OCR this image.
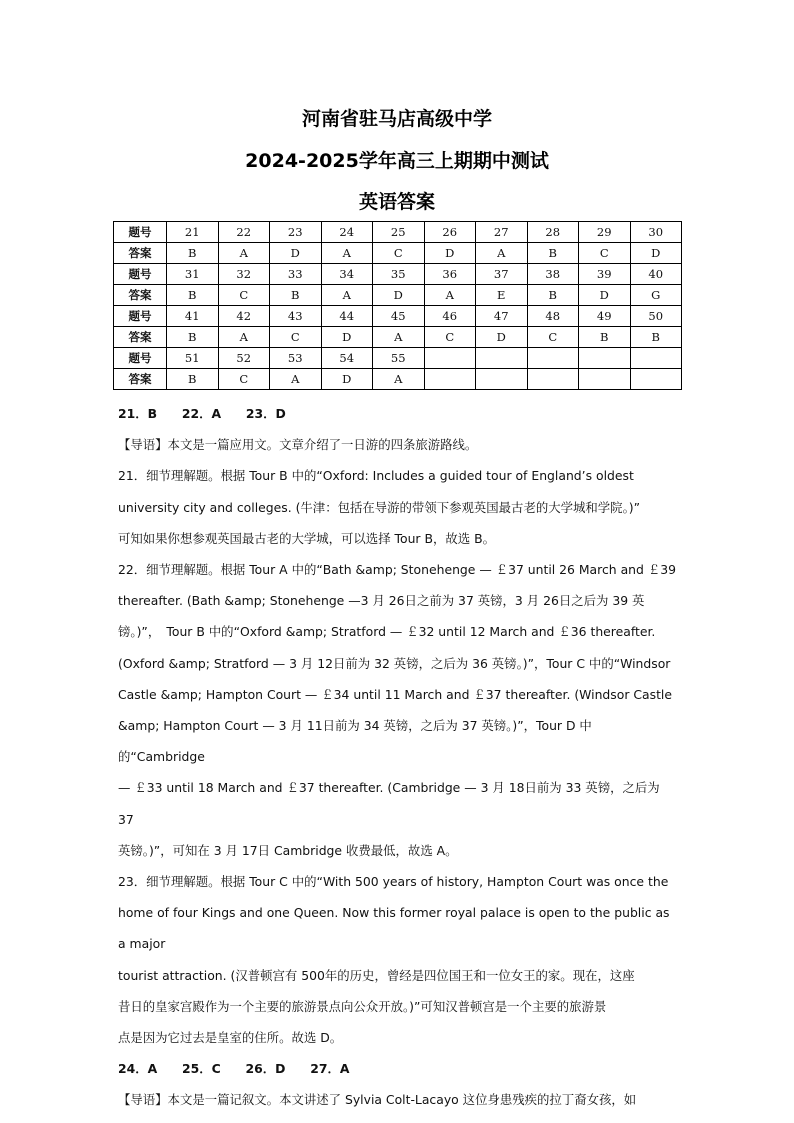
河南省驻马店高级中学
2024-2025学年高三上期期中测试
英语答案
题号	21	22	23	24	25	26	27	28	29	30
答案	B	A	D	A	C	D	A	B	C	D
题号	31	32	33	34	35	36	37	38	39	40
答案	B	C	B	A	D	A	E	B	D	G
题号	41	42	43	44	45	46	47	48	49	50
答案	B	A	C	D	A	C	D	C	B	B
题号	51	52	53	54	55					
答案	B	C	A	D	A					

21．B　　22．A　　23．D

【导语】本文是一篇应用文。文章介绍了一日游的四条旅游路线。

21．细节理解题。根据 Tour B 中的“Oxford: Includes a guided tour of England’s oldest

university city and colleges. (牛津：包括在导游的带领下参观英国最古老的大学城和学院。)”

可知如果你想参观英国最古老的大学城，可以选择 Tour B，故选 B。

22．细节理解题。根据 Tour A 中的“Bath &amp; Stonehenge — ￡37 until 26 March and ￡39

thereafter. (Bath &amp; Stonehenge —3 月 26日之前为 37 英镑，3 月 26日之后为 39 英

镑。)”，　Tour B 中的“Oxford &amp; Stratford — ￡32 until 12 March and ￡36 thereafter.

(Oxford &amp; Stratford — 3 月 12日前为 32 英镑，之后为 36 英镑。)”，Tour C 中的“Windsor

Castle &amp; Hampton Court — ￡34 until 11 March and ￡37 thereafter. (Windsor Castle

&amp; Hampton Court — 3 月 11日前为 34 英镑，之后为 37 英镑。)”，Tour D 中的“Cambridge

— ￡33 until 18 March and ￡37 thereafter. (Cambridge — 3 月 18日前为 33 英镑，之后为 37

英镑。)”，可知在 3 月 17日 Cambridge 收费最低，故选 A。

23．细节理解题。根据 Tour C 中的“With 500 years of history, Hampton Court was once the

home of four Kings and one Queen. Now this former royal palace is open to the public as a major

tourist attraction. (汉普顿宫有 500年的历史，曾经是四位国王和一位女王的家。现在，这座

昔日的皇家宫殿作为一个主要的旅游景点向公众开放。)”可知汉普顿宫是一个主要的旅游景

点是因为它过去是皇室的住所。故选 D。

24．A　　25．C　　26．D　　27．A

【导语】本文是一篇记叙文。本文讲述了 Sylvia Colt-Lacayo 这位身患残疾的拉丁裔女孩，如
